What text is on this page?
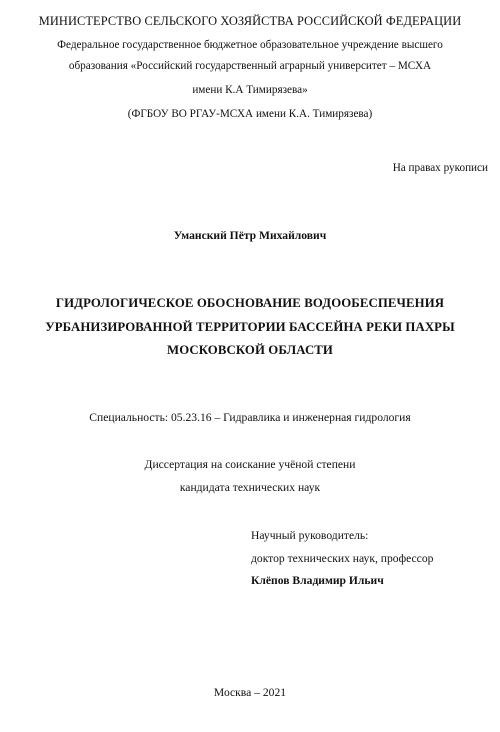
МИНИСТЕРСТВО СЕЛЬСКОГО ХОЗЯЙСТВА РОССИЙСКОЙ ФЕДЕРАЦИИ
Федеральное государственное бюджетное образовательное учреждение высшего
образования «Российский государственный аграрный университет – МСХА
имени К.А Тимирязева»
(ФГБОУ ВО РГАУ-МСХА имени К.А. Тимирязева)
На правах рукописи
Уманский Пётр Михайлович
ГИДРОЛОГИЧЕСКОЕ ОБОСНОВАНИЕ ВОДООБЕСПЕЧЕНИЯ
УРБАНИЗИРОВАННОЙ ТЕРРИТОРИИ БАССЕЙНА РЕКИ ПАХРЫ
МОСКОВСКОЙ ОБЛАСТИ
Специальность: 05.23.16 – Гидравлика и инженерная гидрология
Диссертация на соискание учёной степени
кандидата технических наук
Научный руководитель:
доктор технических наук, профессор
Клёпов Владимир Ильич
Москва – 2021
